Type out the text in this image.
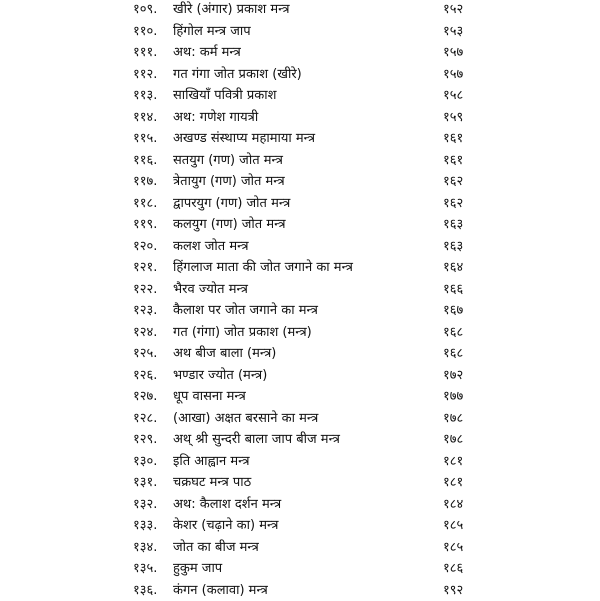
१०९.	खीरे (अंगार) प्रकाश मन्त्र	१५२
११०.	हिंगोल मन्त्र जाप	१५३
१११.	अथ: कर्म मन्त्र	१५७
११२.	गत गंगा जोत प्रकाश (खीरे)	१५७
११३.	साखियाँ पवित्री प्रकाश	१५८
११४.	अथ: गणेश गायत्री	१५९
११५.	अखण्ड संस्थाप्य महामाया मन्त्र	१६१
११६.	सतयुग (गण) जोत मन्त्र	१६१
११७.	त्रेतायुग (गण) जोत मन्त्र	१६२
११८.	द्वापरयुग (गण) जोत मन्त्र	१६२
११९.	कलयुग (गण) जोत मन्त्र	१६३
१२०.	कलश जोत मन्त्र	१६३
१२१.	हिंगलाज माता की जोत जगाने का मन्त्र	१६४
१२२.	भैरव ज्योत मन्त्र	१६६
१२३.	कैलाश पर जोत जगाने का मन्त्र	१६७
१२४.	गत (गंगा) जोत प्रकाश (मन्त्र)	१६८
१२५.	अथ बीज बाला (मन्त्र)	१६८
१२६.	भण्डार ज्योत (मन्त्र)	१७२
१२७.	धूप वासना मन्त्र	१७७
१२८.	(आखा) अक्षत बरसाने का मन्त्र	१७८
१२९.	अथ् श्री सुन्दरी बाला जाप बीज मन्त्र	१७८
१३०.	इति आह्वान मन्त्र	१८१
१३१.	चक्रघट मन्त्र पाठ	१८१
१३२.	अथ: कैलाश दर्शन मन्त्र	१८४
१३३.	केशर (चढ़ाने का) मन्त्र	१८५
१३४.	जोत का बीज मन्त्र	१८५
१३५.	हुकुम जाप	१८६
१३६.	कंगन (कलावा) मन्त्र	१९२
